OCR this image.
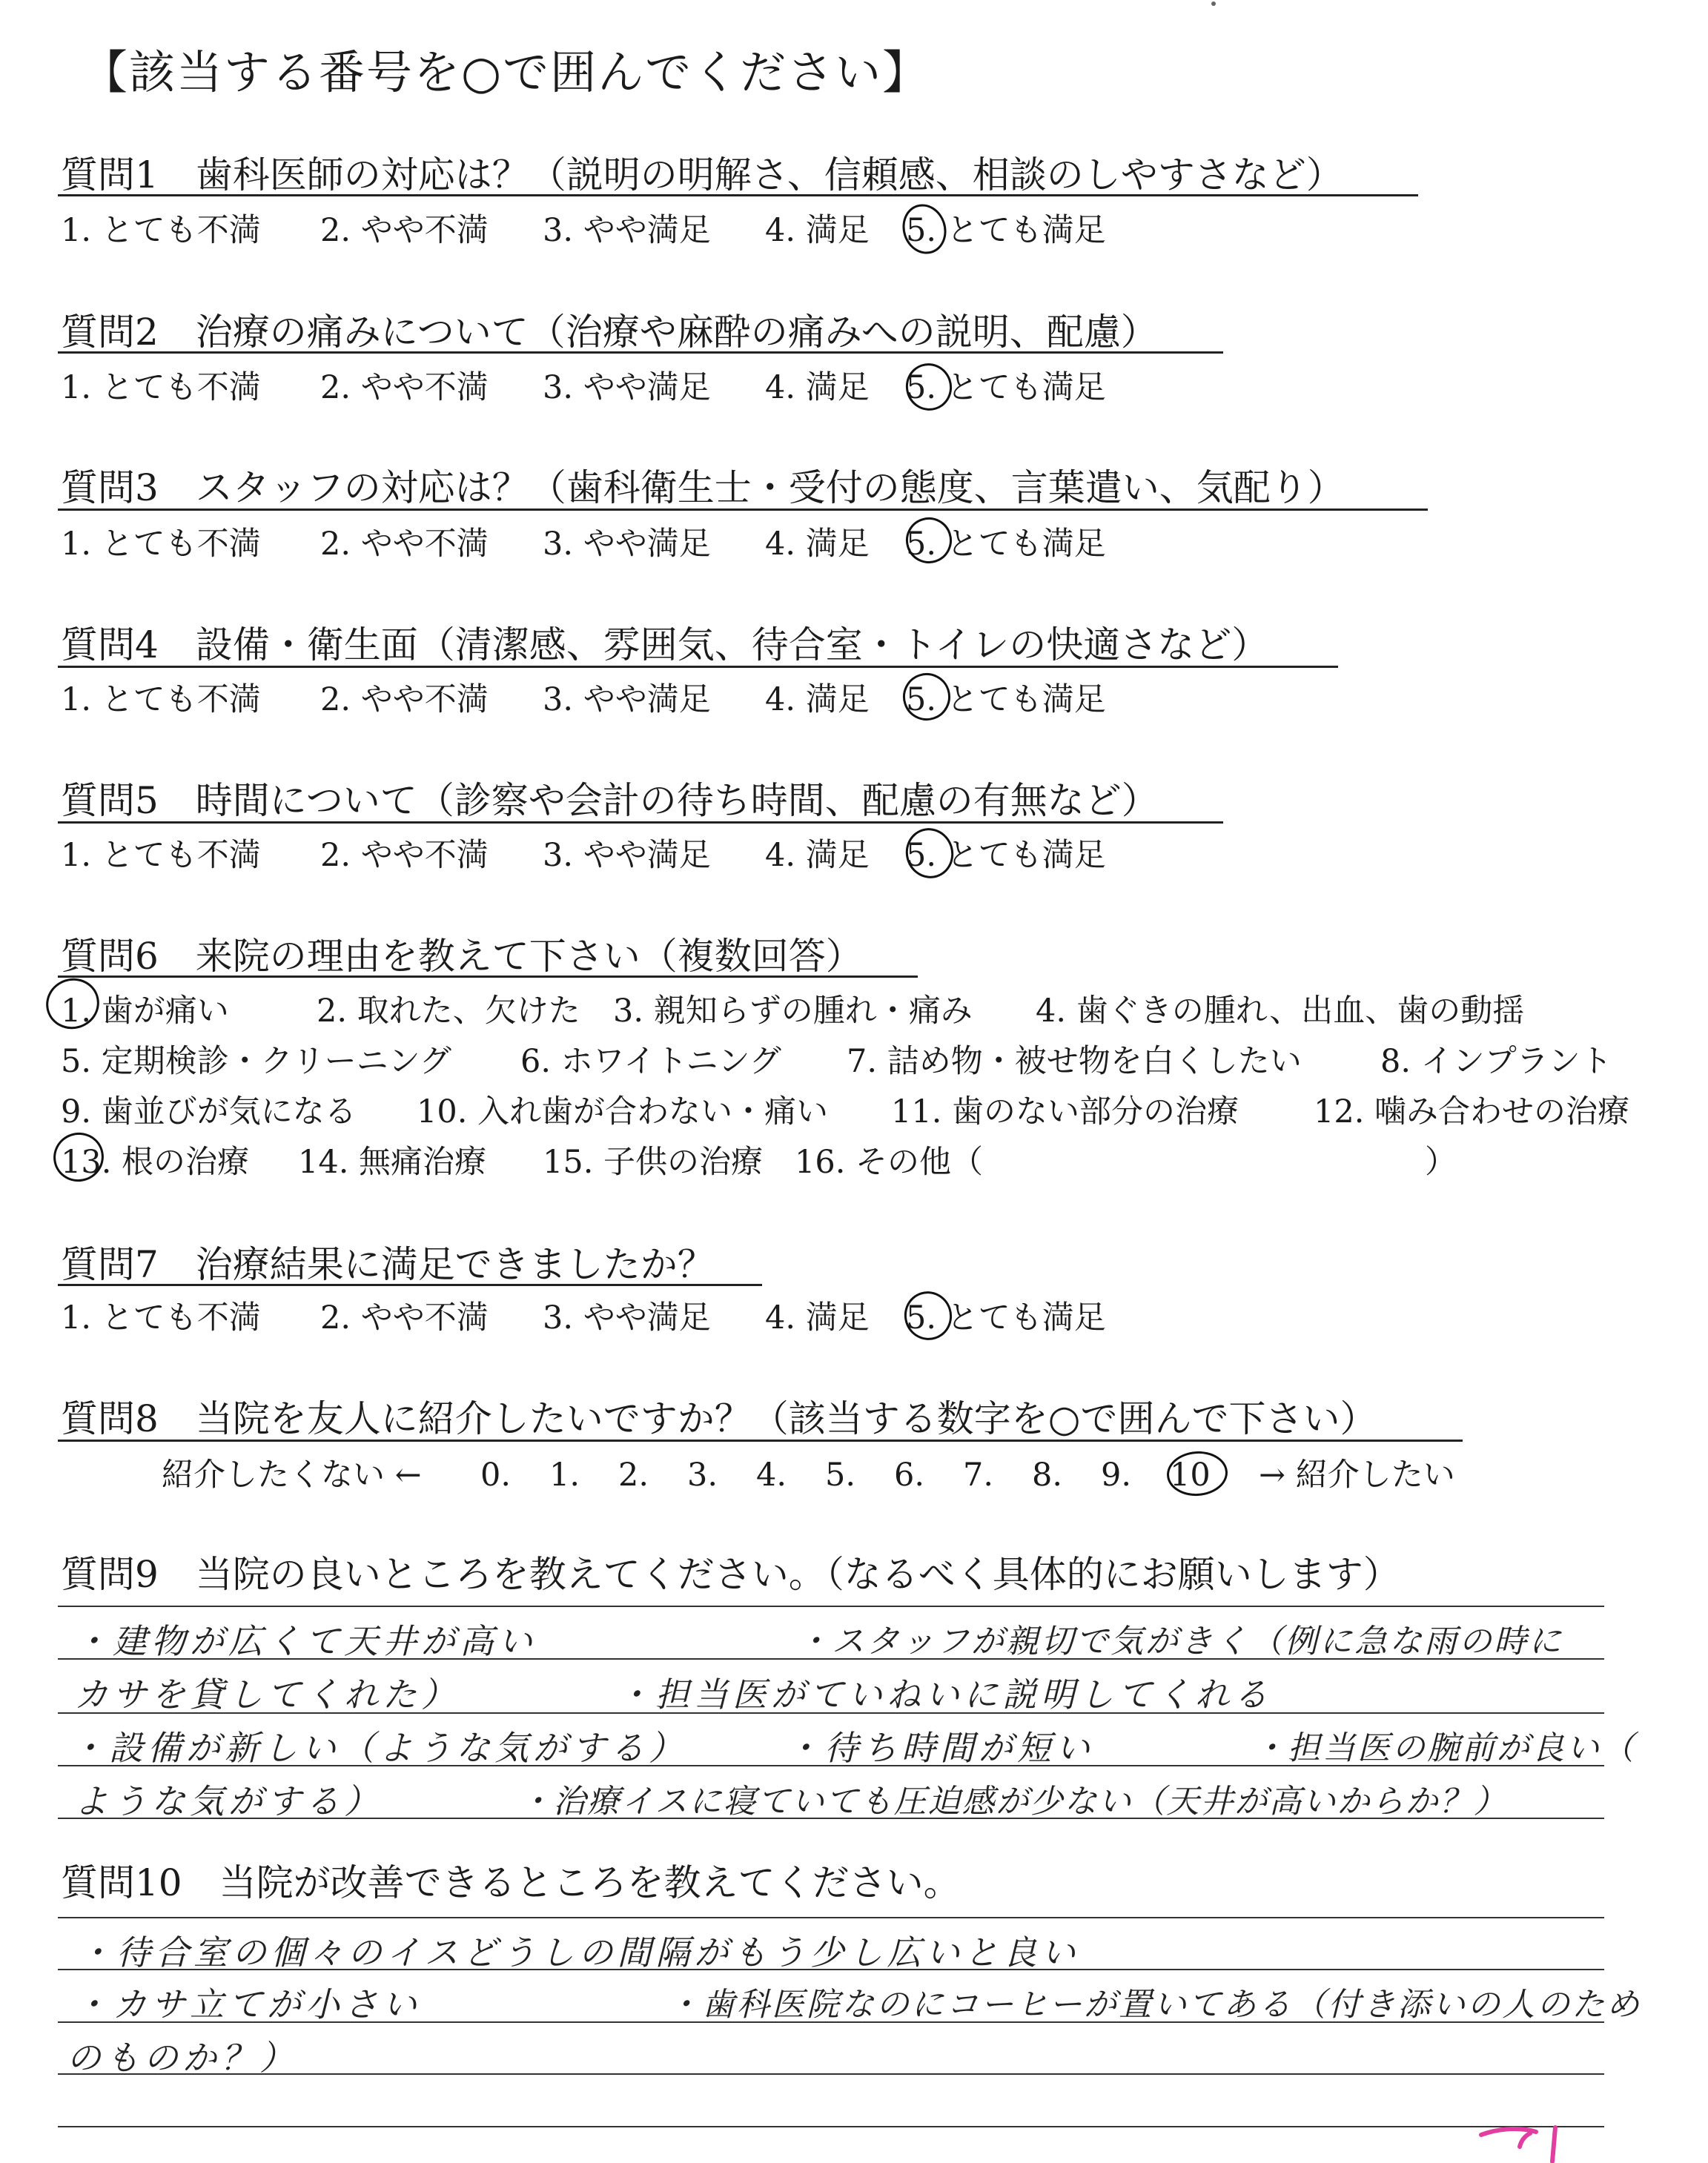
【該当する番号を○で囲んでください】
質問1　歯科医師の対応は？（説明の明解さ、信頼感、相談のしやすさなど）
1. とても不満 2. やや不満 3. やや満足 4. 満足 5. とても満足
質問2　治療の痛みについて（治療や麻酔の痛みへの説明、配慮）
1. とても不満 2. やや不満 3. やや満足 4. 満足 5. とても満足
質問3　スタッフの対応は？（歯科衛生士・受付の態度、言葉遣い、気配り）
1. とても不満 2. やや不満 3. やや満足 4. 満足 5. とても満足
質問4　設備・衛生面（清潔感、雰囲気、待合室・トイレの快適さなど）
1. とても不満 2. やや不満 3. やや満足 4. 満足 5. とても満足
質問5　時間について（診察や会計の待ち時間、配慮の有無など）
1. とても不満 2. やや不満 3. やや満足 4. 満足 5. とても満足
質問6　来院の理由を教えて下さい（複数回答）
1. 歯が痛い	2. 取れた、欠けた 3. 親知らずの腫れ・痛み 4. 歯ぐきの腫れ、出血、歯の動揺
5. 定期検診・クリーニング 6. ホワイトニング 7. 詰め物・被せ物を白くしたい 8. インプラント
9. 歯並びが気になる 10. 入れ歯が合わない・痛い 11. 歯のない部分の治療 12. 噛み合わせの治療
13. 根の治療 14. 無痛治療 15. 子供の治療 16. その他（	）
質問7　治療結果に満足できましたか？
1. とても不満 2. やや不満 3. やや満足 4. 満足 5. とても満足
質問8　当院を友人に紹介したいですか？（該当する数字を○で囲んで下さい）
紹介したくない ← 0. 1. 2. 3. 4. 5. 6. 7. 8. 9. 10 → 紹介したい
質問9　当院の良いところを教えてください。（なるべく具体的にお願いします）
・建物が広くて天井が高い	・スタッフが親切で気がきく（例に急な雨の時に
カサを貸してくれた）	・担当医がていねいに説明してくれる
・設備が新しい（ような気がする）	・待ち時間が短い	・担当医の腕前が良い（
ような気がする）	・治療イスに寝ていても圧迫感が少ない（天井が高いからか？）
質問10　当院が改善できるところを教えてください。
・待合室の個々のイスどうしの間隔がもう少し広いと良い
・カサ立てが小さい	・歯科医院なのにコーヒーが置いてある（付き添いの人のため
のものか？）
